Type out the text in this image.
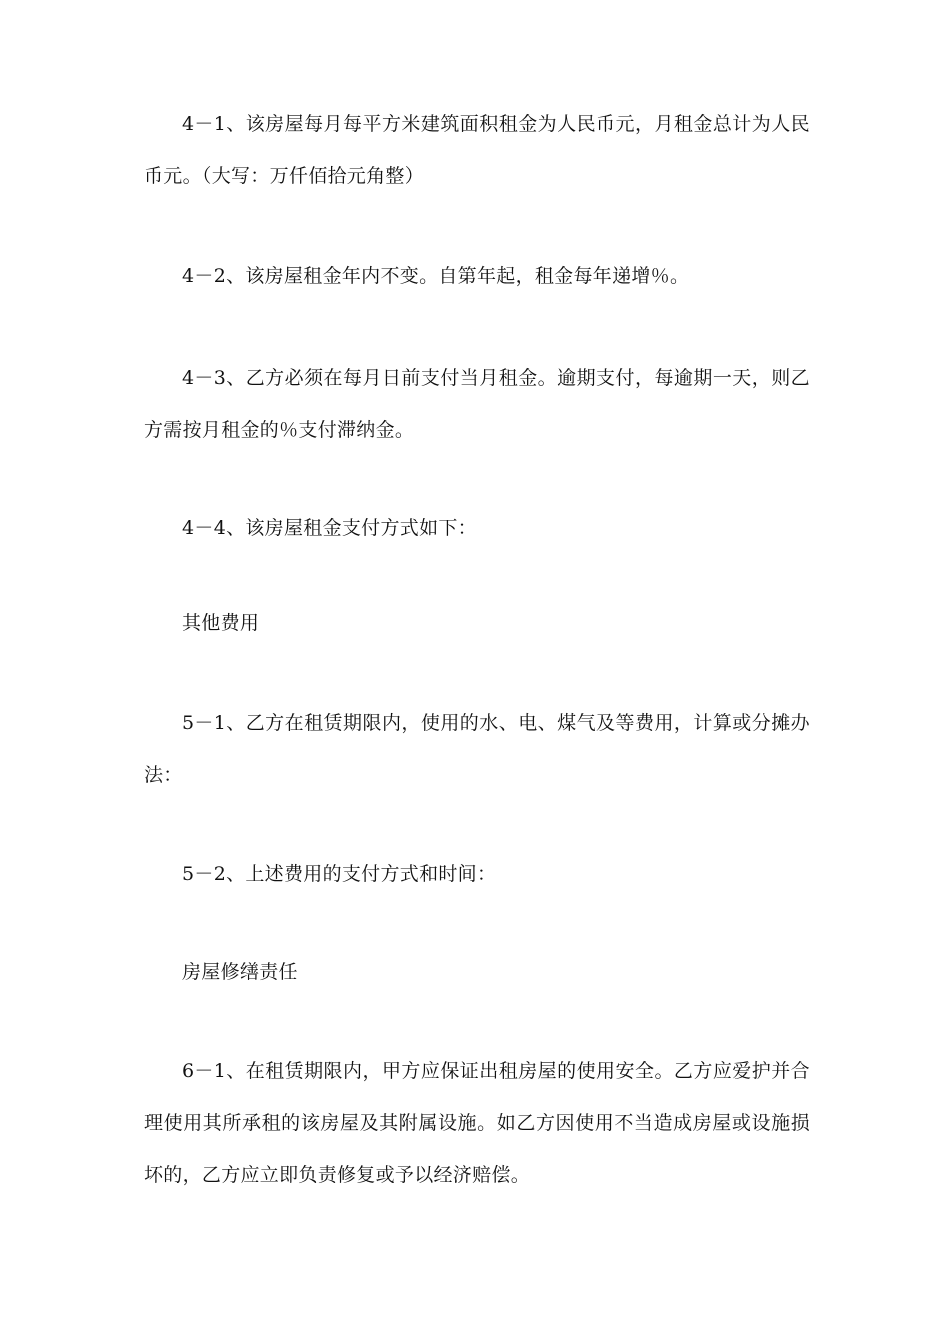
4－1、该房屋每月每平方米建筑面积租金为人民币元，月租金总计为人民币元。（大写：万仟佰拾元角整）

4－2、该房屋租金年内不变。自第年起，租金每年递增％。

4－3、乙方必须在每月日前支付当月租金。逾期支付，每逾期一天，则乙方需按月租金的％支付滞纳金。

4－4、该房屋租金支付方式如下：

其他费用

5－1、乙方在租赁期限内，使用的水、电、煤气及等费用，计算或分摊办法：

5－2、上述费用的支付方式和时间：

房屋修缮责任

6－1、在租赁期限内，甲方应保证出租房屋的使用安全。乙方应爱护并合理使用其所承租的该房屋及其附属设施。如乙方因使用不当造成房屋或设施损坏的，乙方应立即负责修复或予以经济赔偿。
